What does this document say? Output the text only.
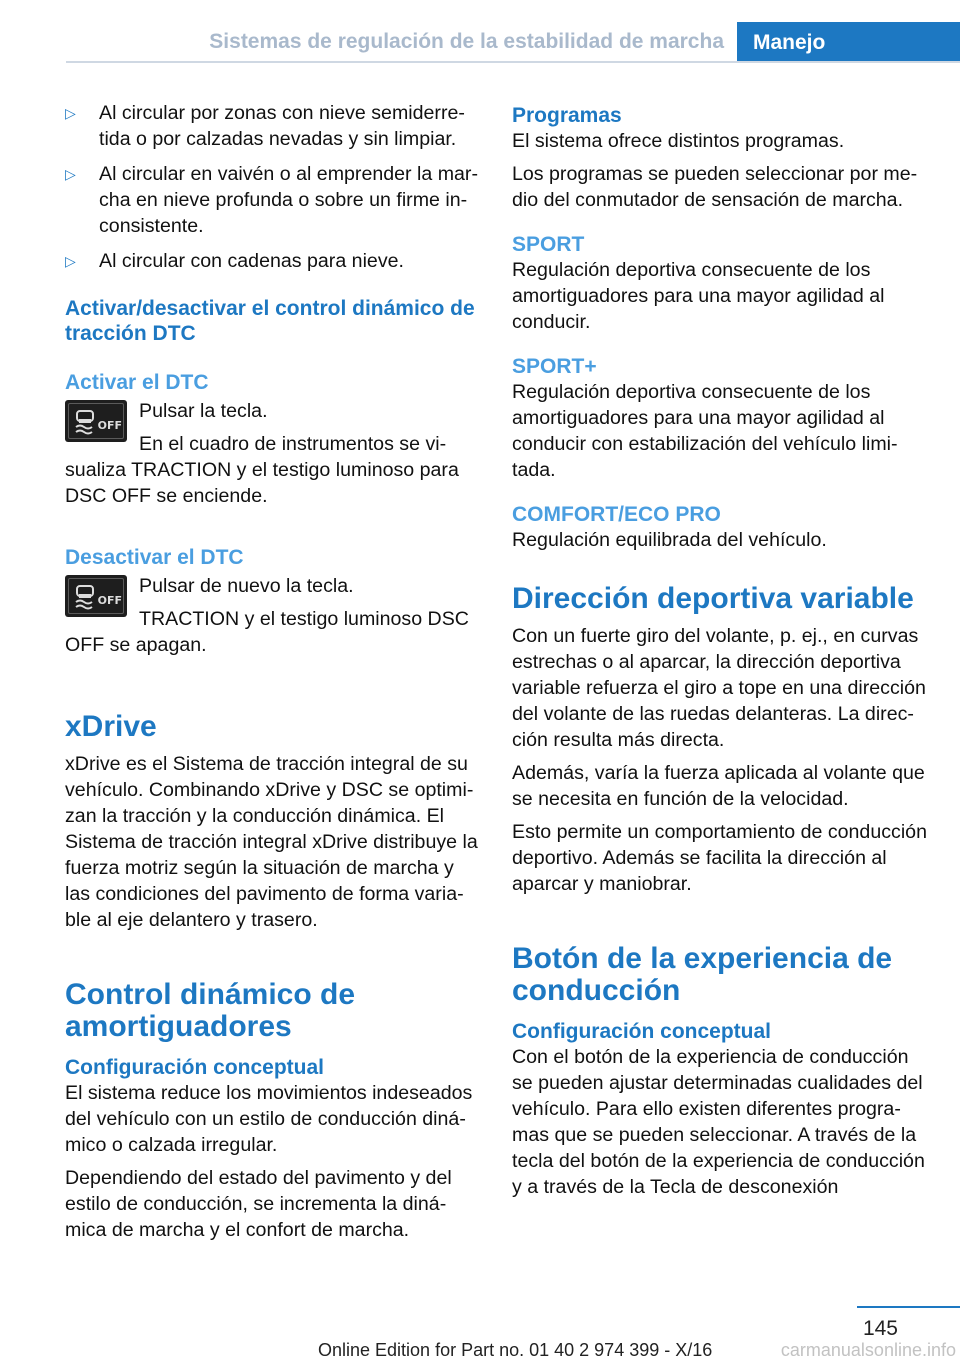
Sistemas de regulación de la estabilidad de marcha Manejo
▷ Al circular por zonas con nieve semiderretida o por calzadas nevadas y sin limpiar.
▷ Al circular en vaivén o al emprender la marcha en nieve profunda o sobre un firme inconsistente.
▷ Al circular con cadenas para nieve.
Activar/desactivar el control dinámico de tracción DTC
Activar el DTC
OFF

Pulsar la tecla.

En el cuadro de instrumentos se visualiza TRACTION y el testigo luminoso para DSC OFF se enciende.

Desactivar el DTC
OFF

Pulsar de nuevo la tecla.

TRACTION y el testigo luminoso DSC OFF se apagan.

xDrive

xDrive es el Sistema de tracción integral de su vehículo. Combinando xDrive y DSC se optimizan la tracción y la conducción dinámica. El Sistema de tracción integral xDrive distribuye la fuerza motriz según la situación de marcha y las condiciones del pavimento de forma variable al eje delantero y trasero.

Control dinámico de amortiguadores
Configuración conceptual

El sistema reduce los movimientos indeseados del vehículo con un estilo de conducción dinámico o calzada irregular.

Dependiendo del estado del pavimento y del estilo de conducción, se incrementa la dinámica de marcha y el confort de marcha.

Programas

El sistema ofrece distintos programas.

Los programas se pueden seleccionar por medio del conmutador de sensación de marcha.

SPORT

Regulación deportiva consecuente de los amortiguadores para una mayor agilidad al conducir.

SPORT+

Regulación deportiva consecuente de los amortiguadores para una mayor agilidad al conducir con estabilización del vehículo limitada.

COMFORT/ECO PRO

Regulación equilibrada del vehículo.

Dirección deportiva variable

Con un fuerte giro del volante, p. ej., en curvas estrechas o al aparcar, la dirección deportiva variable refuerza el giro a tope en una dirección del volante de las ruedas delanteras. La dirección resulta más directa.

Además, varía la fuerza aplicada al volante que se necesita en función de la velocidad.

Esto permite un comportamiento de conducción deportivo. Además se facilita la dirección al aparcar y maniobrar.

Botón de la experiencia de conducción
Configuración conceptual

Con el botón de la experiencia de conducción se pueden ajustar determinadas cualidades del vehículo. Para ello existen diferentes programas que se pueden seleccionar. A través de la tecla del botón de la experiencia de conducción y a través de la Tecla de desconexión

145
Online Edition for Part no. 01 40 2 974 399 - X/16	carmanualsonline.info
